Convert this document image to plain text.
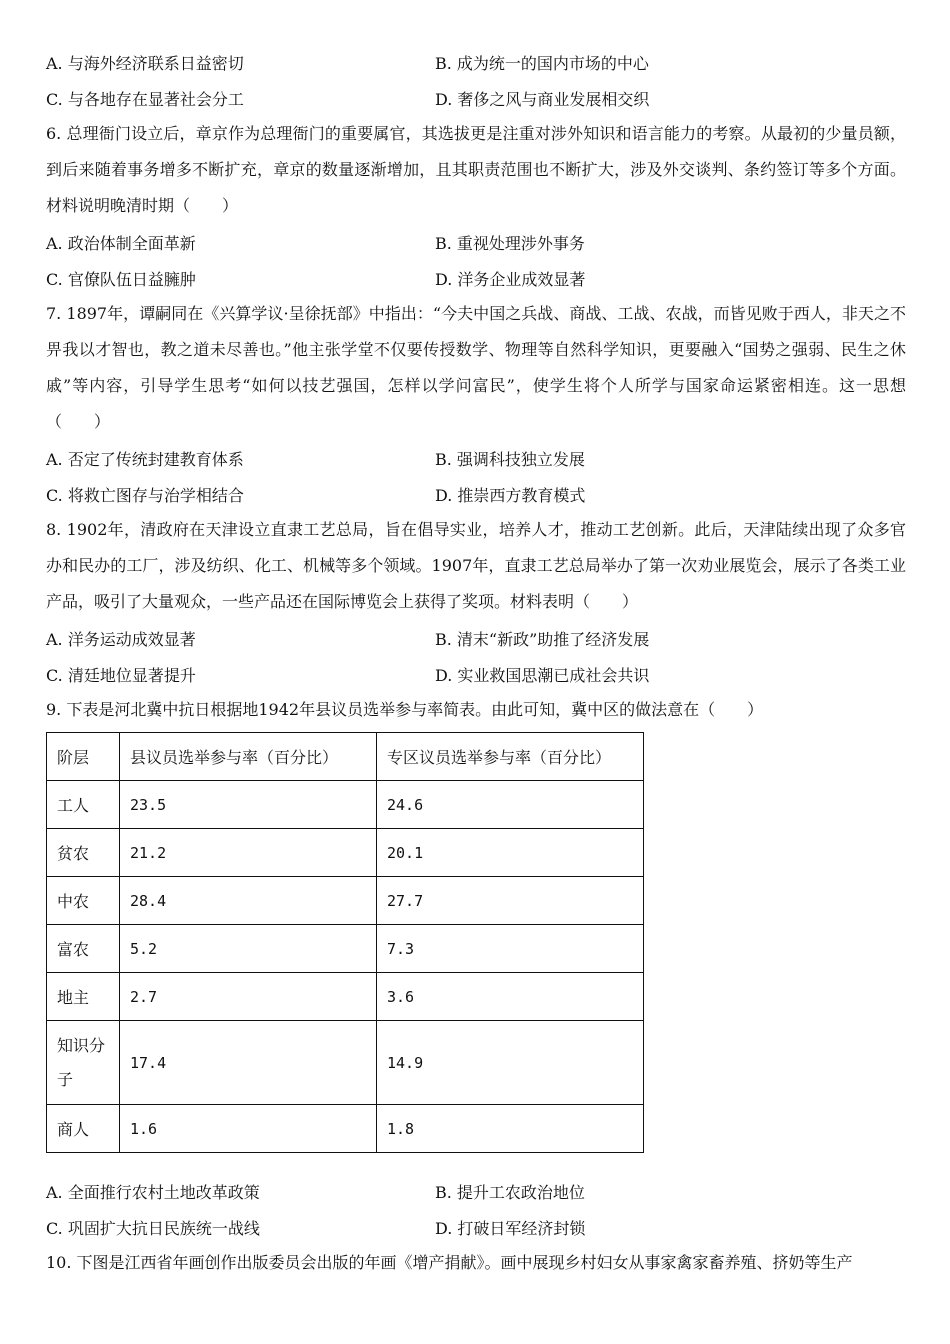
A. 与海外经济联系日益密切	B. 成为统一的国内市场的中心
C. 与各地存在显著社会分工	D. 奢侈之风与商业发展相交织

6. 总理衙门设立后，章京作为总理衙门的重要属官，其选拔更是注重对涉外知识和语言能力的考察。从最初的少量员额，到后来随着事务增多不断扩充，章京的数量逐渐增加，且其职责范围也不断扩大，涉及外交谈判、条约签订等多个方面。材料说明晚清时期（　　）

A. 政治体制全面革新	B. 重视处理涉外事务
C. 官僚队伍日益臃肿	D. 洋务企业成效显著

7. 1897年，谭嗣同在《兴算学议·呈徐抚部》中指出：“今夫中国之兵战、商战、工战、农战，而皆见败于西人，非天之不畀我以才智也，教之道未尽善也。”他主张学堂不仅要传授数学、物理等自然科学知识，更要融入“国势之强弱、民生之休戚”等内容，引导学生思考“如何以技艺强国，怎样以学问富民”，使学生将个人所学与国家命运紧密相连。这一思想（　　）

A. 否定了传统封建教育体系	B. 强调科技独立发展
C. 将救亡图存与治学相结合	D. 推崇西方教育模式

8. 1902年，清政府在天津设立直隶工艺总局，旨在倡导实业，培养人才，推动工艺创新。此后，天津陆续出现了众多官办和民办的工厂，涉及纺织、化工、机械等多个领域。1907年，直隶工艺总局举办了第一次劝业展览会，展示了各类工业产品，吸引了大量观众，一些产品还在国际博览会上获得了奖项。材料表明（　　）

A. 洋务运动成效显著	B. 清末“新政”助推了经济发展
C. 清廷地位显著提升	D. 实业救国思潮已成社会共识

9. 下表是河北冀中抗日根据地1942年县议员选举参与率简表。由此可知，冀中区的做法意在（　　）

阶层	县议员选举参与率（百分比）	专区议员选举参与率（百分比）
工人	23.5	24.6
贫农	21.2	20.1
中农	28.4	27.7
富农	5.2	7.3
地主	2.7	3.6
知识分子	17.4	14.9
商人	1.6	1.8
A. 全面推行农村土地改革政策	B. 提升工农政治地位
C. 巩固扩大抗日民族统一战线	D. 打破日军经济封锁

10. 下图是江西省年画创作出版委员会出版的年画《增产捐献》。画中展现乡村妇女从事家禽家畜养殖、挤奶等生产
